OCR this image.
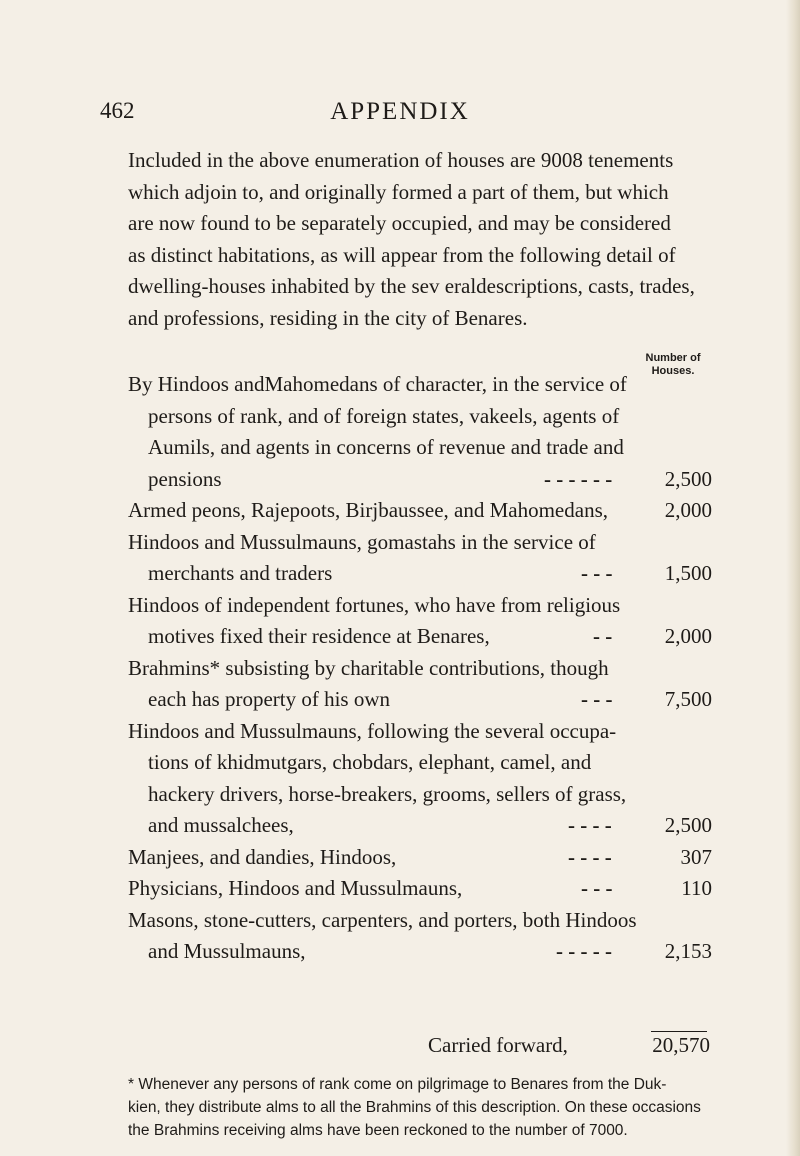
462	APPENDIX
Included in the above enumeration of houses are 9008 tenements
which adjoin to, and originally formed a part of them, but which
are now found to be separately occupied, and may be considered
as distinct habitations, as will appear from the following detail of
dwelling-houses inhabited by the sev eraldescriptions, casts, trades,
and professions, residing in the city of Benares.
Number of
Houses.
By Hindoos andMahomedans of character, in the service of
persons of rank, and of foreign states, vakeels, agents of
Aumils, and agents in concerns of revenue and trade and
pensions	- - - - - -	2,500
Armed peons, Rajepoots, Birjbaussee, and Mahomedans,	2,000
Hindoos and Mussulmauns, gomastahs in the service of
merchants and traders	- - -	1,500
Hindoos of independent fortunes, who have from religious
motives fixed their residence at Benares,	- -	2,000
Brahmins* subsisting by charitable contributions, though
each has property of his own	- - -	7,500
Hindoos and Mussulmauns, following the several occupa-
tions of khidmutgars, chobdars, elephant, camel, and
hackery drivers, horse-breakers, grooms, sellers of grass,
and mussalchees,	- - - -	2,500
Manjees, and dandies, Hindoos,	- - - -	307
Physicians, Hindoos and Mussulmauns,	- - -	110
Masons, stone-cutters, carpenters, and porters, both Hindoos
and Mussulmauns,	- - - - -	2,153
Carried forward,	20,570
* Whenever any persons of rank come on pilgrimage to Benares from the Duk-
kien, they distribute alms to all the Brahmins of this description. On these occasions
the Brahmins receiving alms have been reckoned to the number of 7000.
